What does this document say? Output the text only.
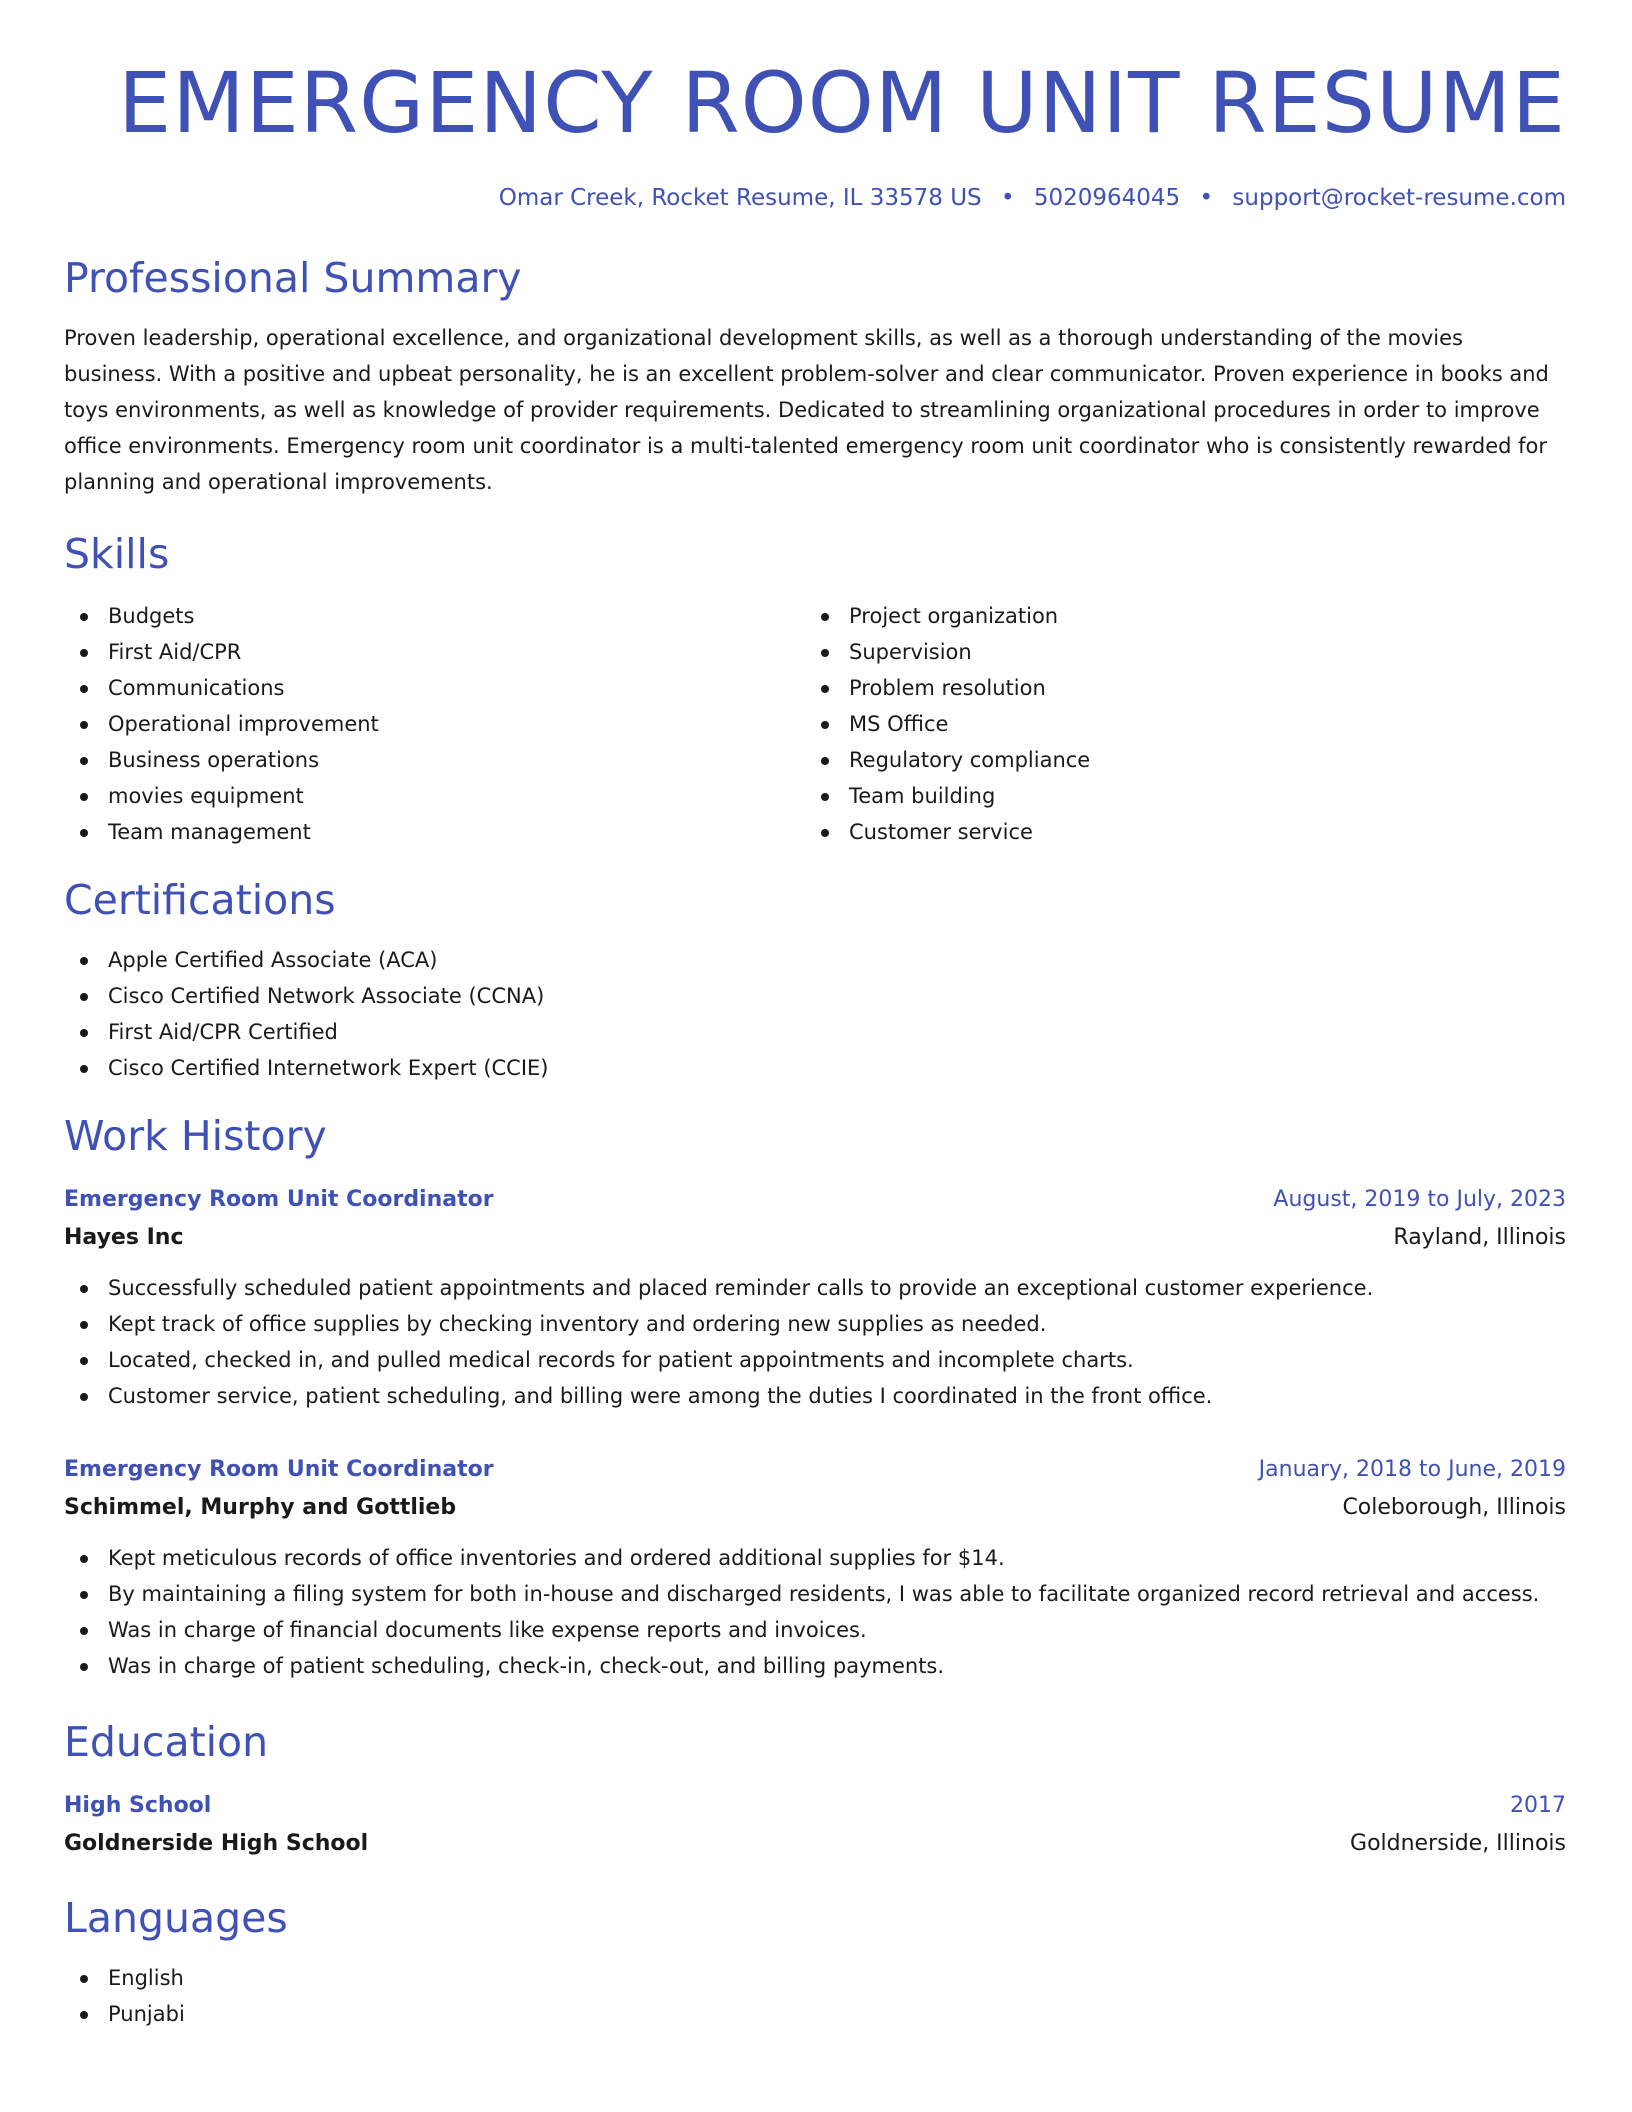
EMERGENCY ROOM UNIT RESUME
Omar Creek, Rocket Resume, IL 33578 US • 5020964045 • support@rocket-resume.com
Professional Summary

Proven leadership, operational excellence, and organizational development skills, as well as a thorough understanding of the movies business. With a positive and upbeat personality, he is an excellent problem-solver and clear communicator. Proven experience in books and toys environments, as well as knowledge of provider requirements. Dedicated to streamlining organizational procedures in order to improve office environments. Emergency room unit coordinator is a multi-talented emergency room unit coordinator who is consistently rewarded for planning and operational improvements.

Skills
Budgets
First Aid/CPR
Communications
Operational improvement
Business operations
movies equipment
Team management
Project organization
Supervision
Problem resolution
MS Office
Regulatory compliance
Team building
Customer service
Certifications
Apple Certified Associate (ACA)
Cisco Certified Network Associate (CCNA)
First Aid/CPR Certified
Cisco Certified Internetwork Expert (CCIE)
Work History
Emergency Room Unit Coordinator	August, 2019 to July, 2023
Hayes Inc	Rayland, Illinois
Successfully scheduled patient appointments and placed reminder calls to provide an exceptional customer experience.
Kept track of office supplies by checking inventory and ordering new supplies as needed.
Located, checked in, and pulled medical records for patient appointments and incomplete charts.
Customer service, patient scheduling, and billing were among the duties I coordinated in the front office.
Emergency Room Unit Coordinator	January, 2018 to June, 2019
Schimmel, Murphy and Gottlieb	Coleborough, Illinois
Kept meticulous records of office inventories and ordered additional supplies for $14.
By maintaining a filing system for both in-house and discharged residents, I was able to facilitate organized record retrieval and access.
Was in charge of financial documents like expense reports and invoices.
Was in charge of patient scheduling, check-in, check-out, and billing payments.
Education
High School	2017
Goldnerside High School	Goldnerside, Illinois
Languages
English
Punjabi
